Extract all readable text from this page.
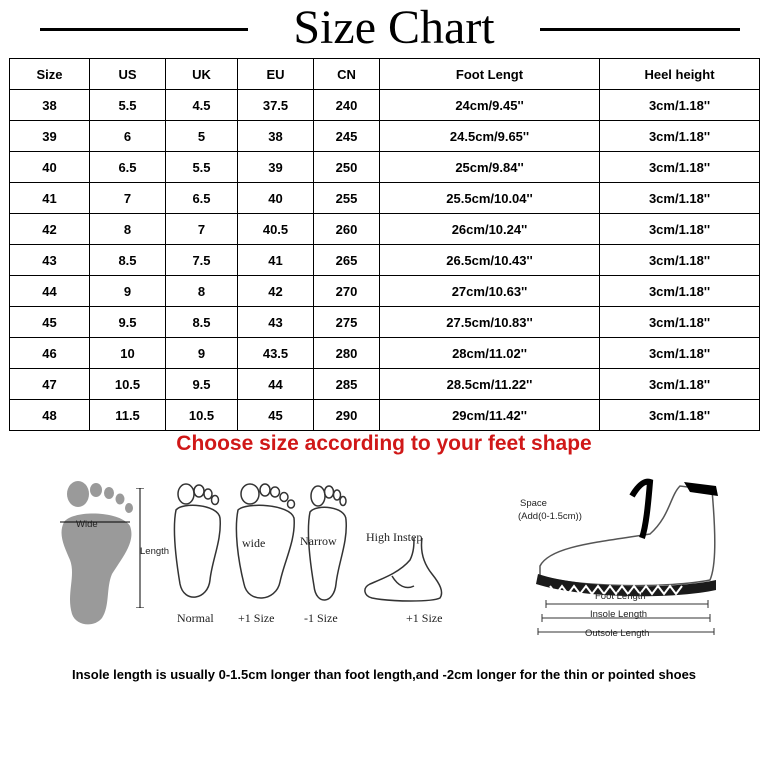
Size Chart
Size	US	UK	EU	CN	Foot Lengt	Heel height
38	5.5	4.5	37.5	240	24cm/9.45''	3cm/1.18''
39	6	5	38	245	24.5cm/9.65''	3cm/1.18''
40	6.5	5.5	39	250	25cm/9.84''	3cm/1.18''
41	7	6.5	40	255	25.5cm/10.04''	3cm/1.18''
42	8	7	40.5	260	26cm/10.24''	3cm/1.18''
43	8.5	7.5	41	265	26.5cm/10.43''	3cm/1.18''
44	9	8	42	270	27cm/10.63''	3cm/1.18''
45	9.5	8.5	43	275	27.5cm/10.83''	3cm/1.18''
46	10	9	43.5	280	28cm/11.02''	3cm/1.18''
47	10.5	9.5	44	285	28.5cm/11.22''	3cm/1.18''
48	11.5	10.5	45	290	29cm/11.42''	3cm/1.18''
Choose size according to your feet shape
Wide
Length
Normal
wide
+1 Size
Narrow
-1 Size
High Instep
+1 Size
Space
(Add(0-1.5cm))
Foot Length
Insole Length
Outsole Length
Insole length is usually 0-1.5cm longer than foot length,and -2cm longer for the thin or pointed shoes
